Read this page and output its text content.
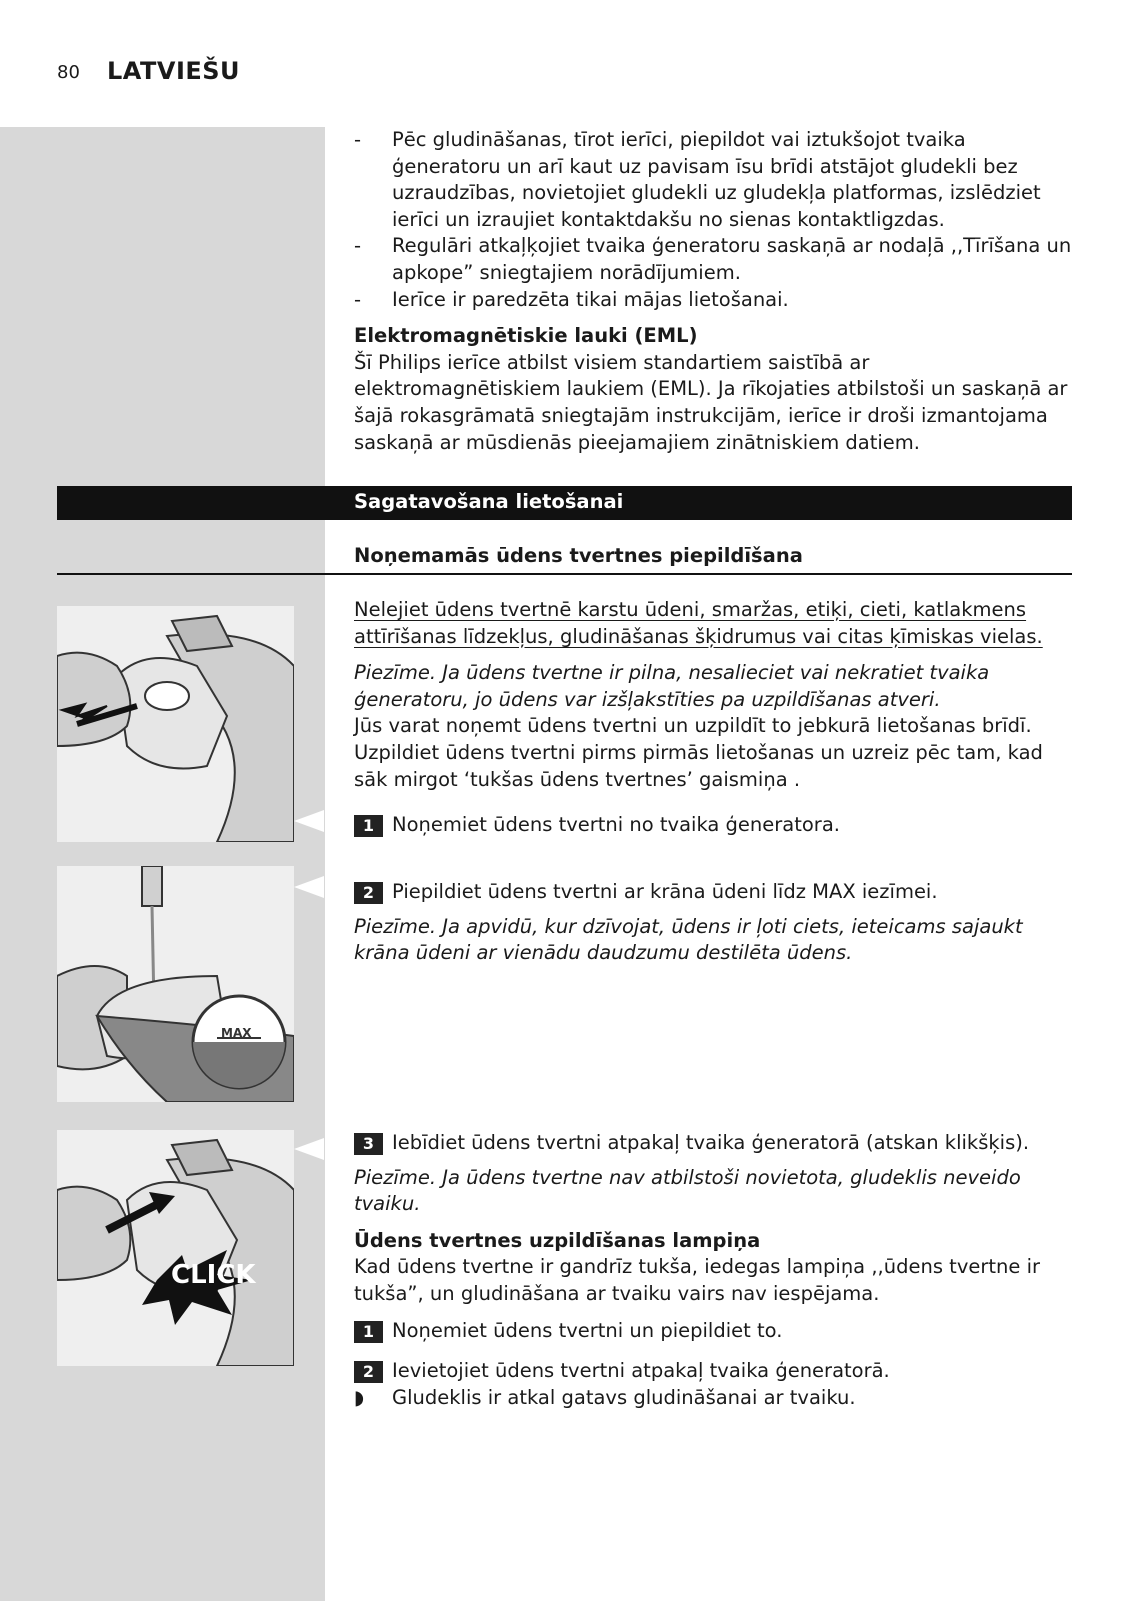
80 LATVIEŠU
- Pēc gludināšanas, tīrot ierīci, piepildot vai iztukšojot tvaika ģeneratoru un arī kaut uz pavisam īsu brīdi atstājot gludekli bez uzraudzības, novietojiet gludekli uz gludekļa platformas, izslēdziet ierīci un izraujiet kontaktdakšu no sienas kontaktligzdas.
- Regulāri atkaļķojiet tvaika ģeneratoru saskaņā ar nodaļā ,,Tīrīšana un apkope” sniegtajiem norādījumiem.
- Ierīce ir paredzēta tikai mājas lietošanai.
Elektromagnētiskie lauki (EML)
Šī Philips ierīce atbilst visiem standartiem saistībā ar elektromagnētiskiem laukiem (EML). Ja rīkojaties atbilstoši un saskaņā ar šajā rokasgrāmatā sniegtajām instrukcijām, ierīce ir droši izmantojama saskaņā ar mūsdienās pieejamajiem zinātniskiem datiem.
Sagatavošana lietošanai
Noņemamās ūdens tvertnes piepildīšana
Nelejiet ūdens tvertnē karstu ūdeni, smaržas, etiķi, cieti, katlakmens attīrīšanas līdzekļus, gludināšanas šķidrumus vai citas ķīmiskas vielas.
Piezīme. Ja ūdens tvertne ir pilna, nesalieciet vai nekratiet tvaika ģeneratoru, jo ūdens var izšļakstīties pa uzpildīšanas atveri.
Jūs varat noņemt ūdens tvertni un uzpildīt to jebkurā lietošanas brīdī. Uzpildiet ūdens tvertni pirms pirmās lietošanas un uzreiz pēc tam, kad sāk mirgot ‘tukšas ūdens tvertnes’ gaismiņa .
1 Noņemiet ūdens tvertni no tvaika ģeneratora.
2 Piepildiet ūdens tvertni ar krāna ūdeni līdz MAX iezīmei.
Piezīme. Ja apvidū, kur dzīvojat, ūdens ir ļoti ciets, ieteicams sajaukt krāna ūdeni ar vienādu daudzumu destilēta ūdens.
3 Iebīdiet ūdens tvertni atpakaļ tvaika ģeneratorā (atskan klikšķis).
Piezīme. Ja ūdens tvertne nav atbilstoši novietota, gludeklis neveido tvaiku.
Ūdens tvertnes uzpildīšanas lampiņa
Kad ūdens tvertne ir gandrīz tukša, iedegas lampiņa ,,ūdens tvertne ir tukša”, un gludināšana ar tvaiku vairs nav iespējama.
1 Noņemiet ūdens tvertni un piepildiet to.
2 Ievietojiet ūdens tvertni atpakaļ tvaika ģeneratorā.
◗ Gludeklis ir atkal gatavs gludināšanai ar tvaiku.
MAX
CLICK
